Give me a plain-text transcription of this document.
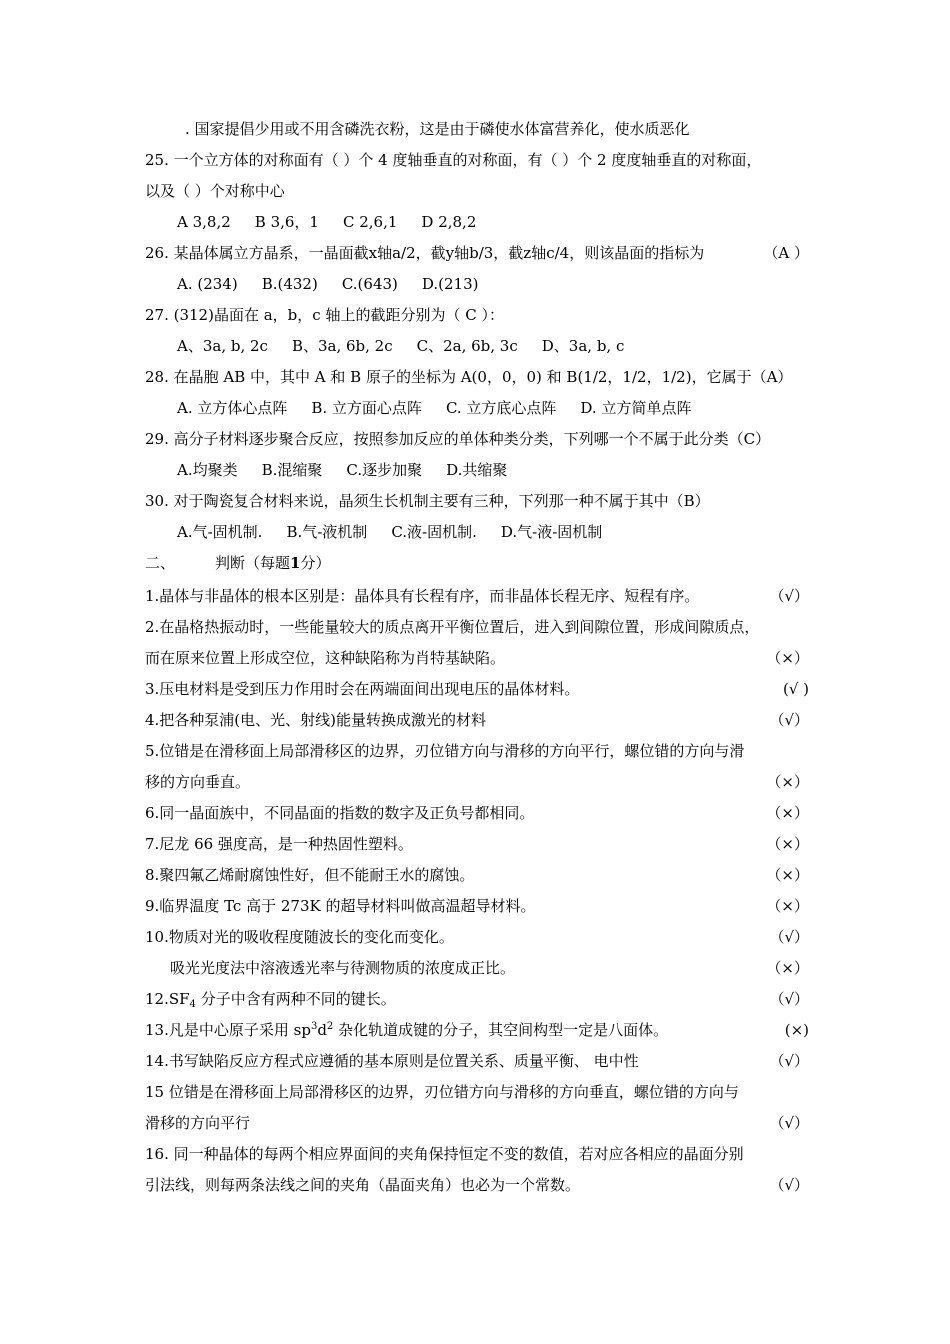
. 国家提倡少用或不用含磷洗衣粉，这是由于磷使水体富营养化，使水质恶化
25. 一个立方体的对称面有（ ）个 4 度轴垂直的对称面，有（ ）个 2 度度轴垂直的对称面，
以及（ ）个对称中心
A 3,8,2 B 3,6，1 C 2,6,1 D 2,8,2
26. 某晶体属立方晶系，一晶面截x轴a/2，截y轴b/3，截z轴c/4，则该晶面的指标为	（A ）
A. (234) B.(432) C.(643) D.(213)
27. (312)晶面在 a，b，c 轴上的截距分别为（ C ）：
A、3a, b, 2c B、3a, 6b, 2c C、2a, 6b, 3c D、3a, b, c
28. 在晶胞 AB 中，其中 A 和 B 原子的坐标为 A(0，0，0) 和 B(1/2，1/2，1/2)，它属于（A）
A. 立方体心点阵 B. 立方面心点阵 C. 立方底心点阵 D. 立方简单点阵
29. 高分子材料逐步聚合反应，按照参加反应的单体种类分类，下列哪一个不属于此分类（C）
A.均聚类 B.混缩聚 C.逐步加聚 D.共缩聚
30. 对于陶瓷复合材料来说，晶须生长机制主要有三种，下列那一种不属于其中（B）
A.气-固机制. B.气-液机制 C.液-固机制. D.气-液-固机制
二、	判断（每题1分）
1.晶体与非晶体的根本区别是：晶体具有长程有序，而非晶体长程无序、短程有序。	（√）
2.在晶格热振动时，一些能量较大的质点离开平衡位置后，进入到间隙位置，形成间隙质点，
而在原来位置上形成空位，这种缺陷称为肖特基缺陷。	（×）
3.压电材料是受到压力作用时会在两端面间出现电压的晶体材料。	(√ )
4.把各种泵浦(电、光、射线)能量转换成激光的材料	（√）
5.位错是在滑移面上局部滑移区的边界，刃位错方向与滑移的方向平行，螺位错的方向与滑
移的方向垂直。	（×）
6.同一晶面族中，不同晶面的指数的数字及正负号都相同。	（×）
7.尼龙 66 强度高，是一种热固性塑料。	（×）
8.聚四氟乙烯耐腐蚀性好，但不能耐王水的腐蚀。	（×）
9.临界温度 Tc 高于 273K 的超导材料叫做高温超导材料。	（×）
10.物质对光的吸收程度随波长的变化而变化。	（√）
吸光光度法中溶液透光率与待测物质的浓度成正比。	（×）
$12.SF_4$ 分子中含有两种不同的键长。	（√）
13.凡是中心原子采用 $sp^3d^2$ 杂化轨道成键的分子，其空间构型一定是八面体。	(×)
14.书写缺陷反应方程式应遵循的基本原则是位置关系、质量平衡、 电中性	（√）
15 位错是在滑移面上局部滑移区的边界，刃位错方向与滑移的方向垂直，螺位错的方向与
滑移的方向平行	（√）
16. 同一种晶体的每两个相应界面间的夹角保持恒定不变的数值，若对应各相应的晶面分别
引法线，则每两条法线之间的夹角（晶面夹角）也必为一个常数。	（√）
